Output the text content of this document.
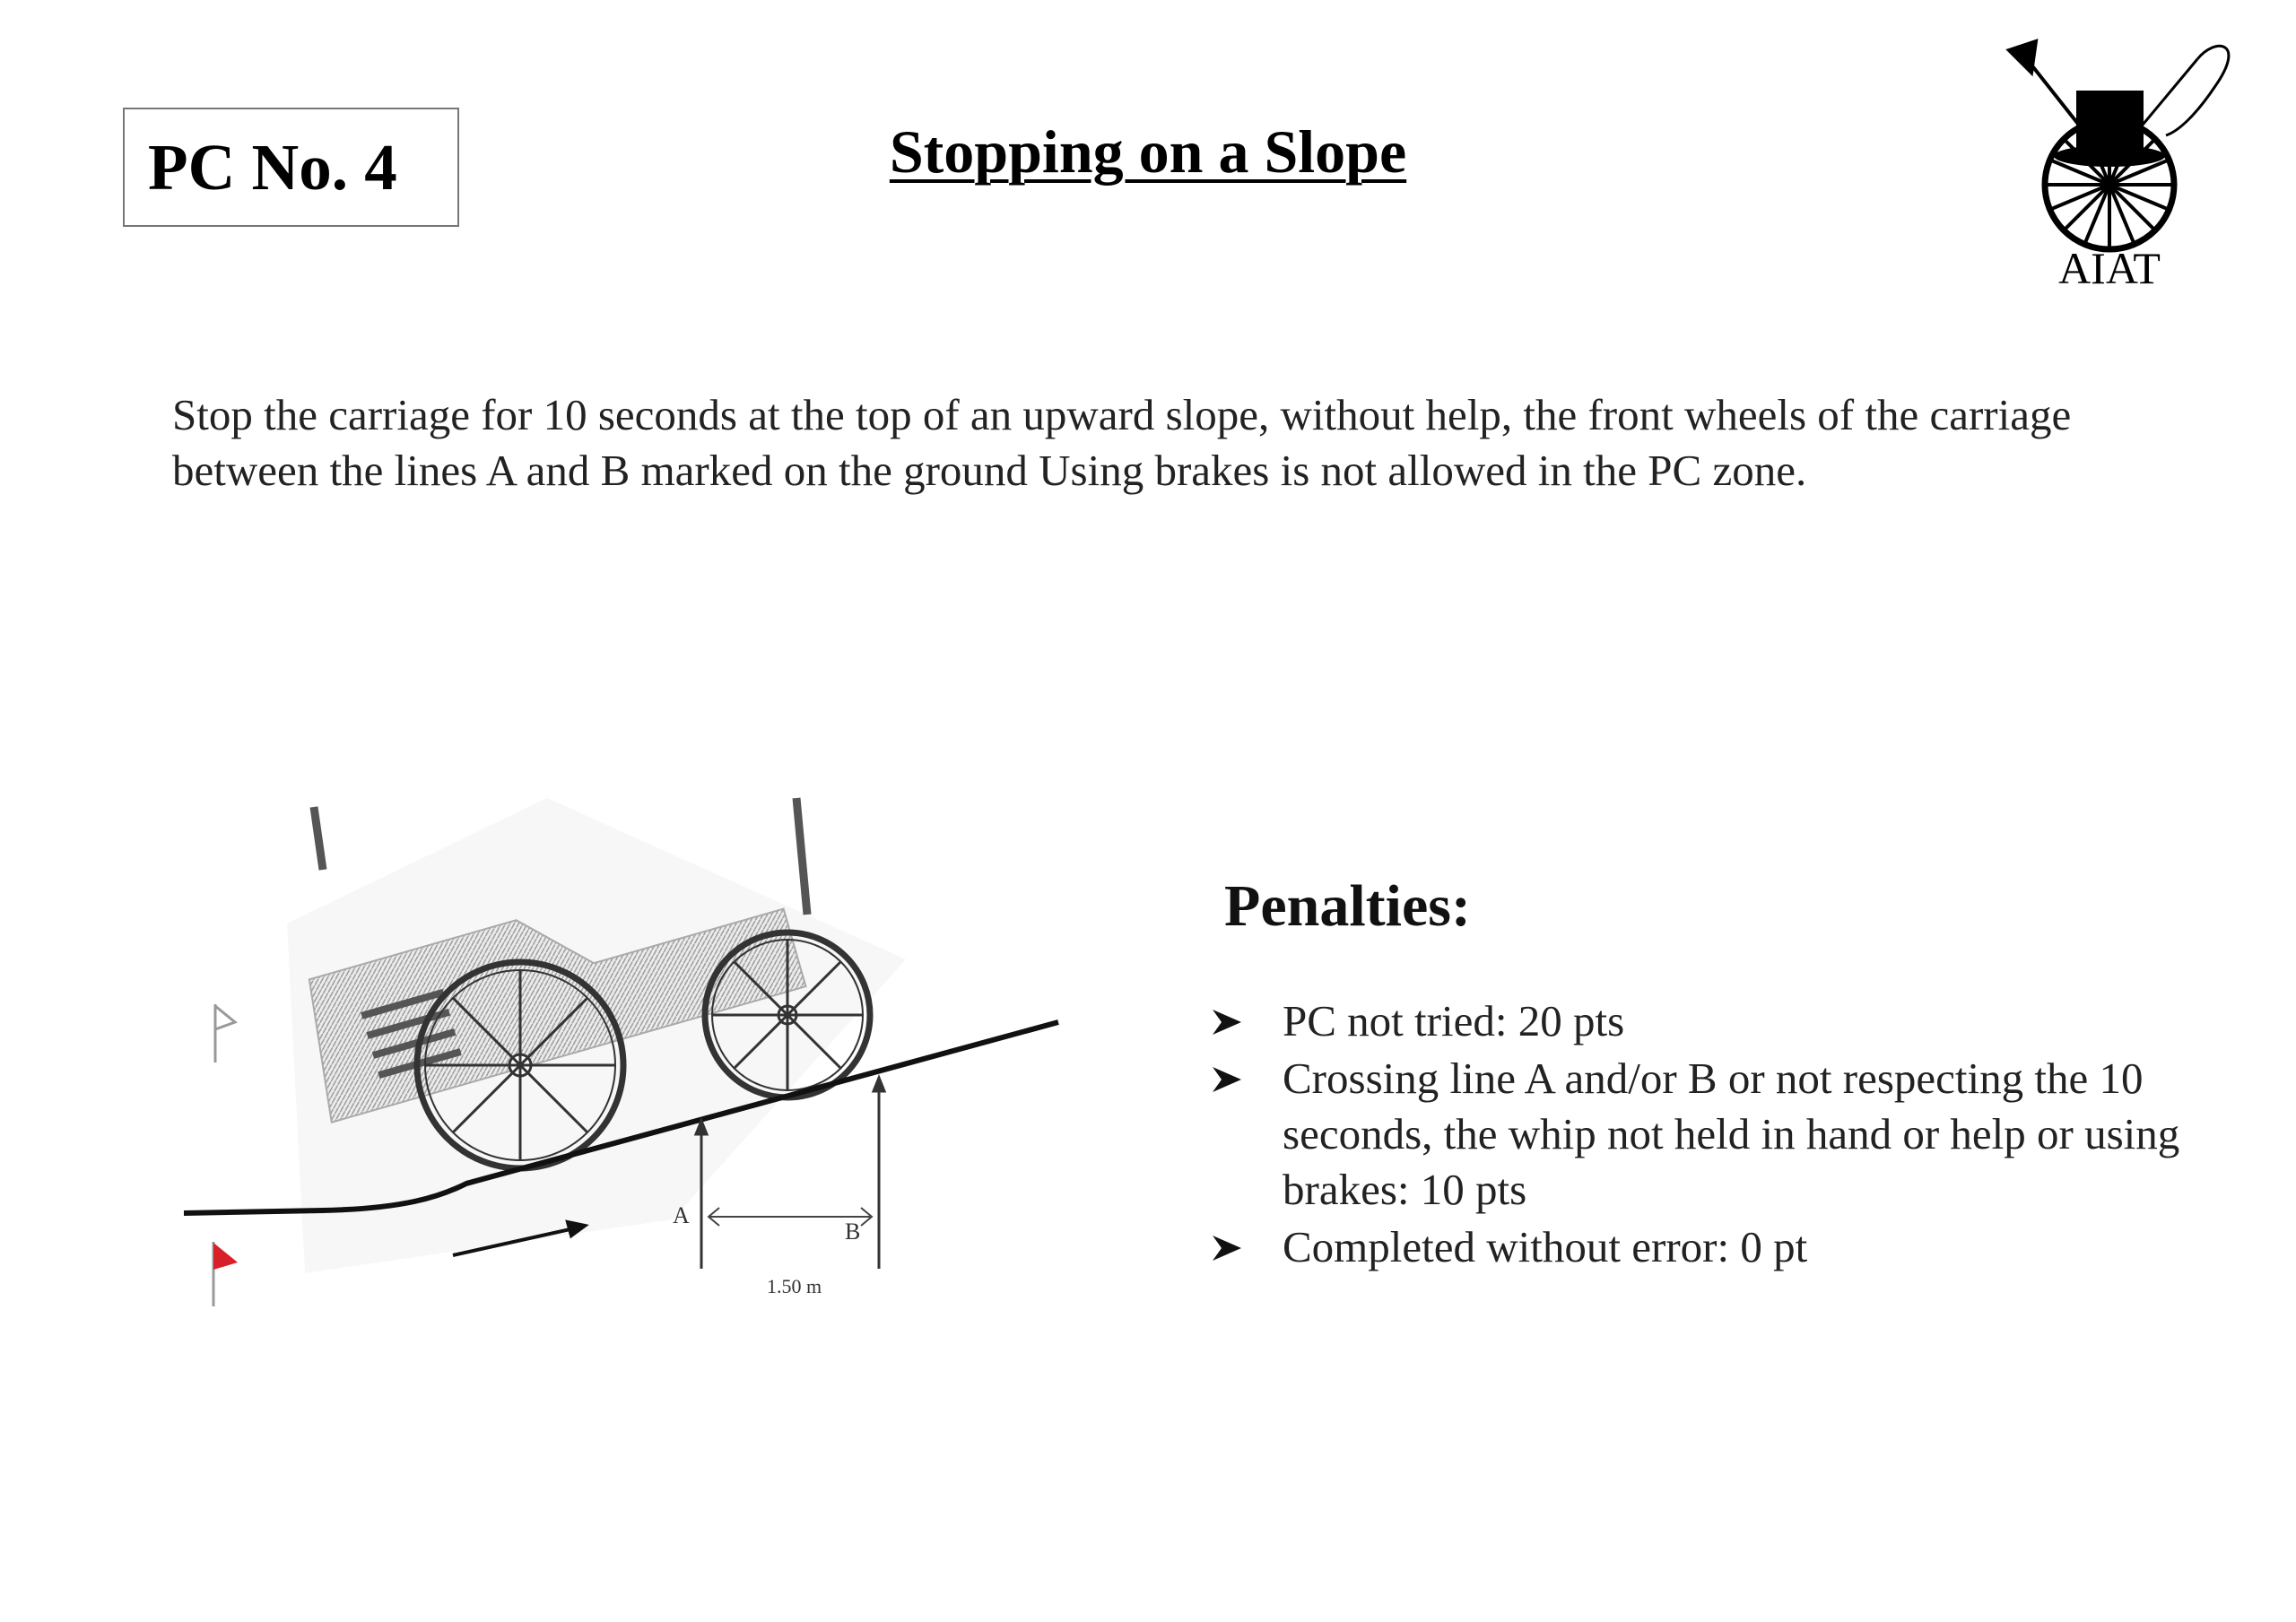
PC No. 4	Stopping on a Slope
AIAT

Stop the carriage for 10 seconds at the top of an upward slope, without help, the front wheels of the carriage between the lines A and B marked on the ground Using brakes is not allowed in the PC zone.

A
B
1.50 m
Penalties:
PC not tried: 20 pts
Crossing line A and/or B or not respecting the 10 seconds, the whip not held in hand or help or using brakes: 10 pts
Completed without error: 0 pt
